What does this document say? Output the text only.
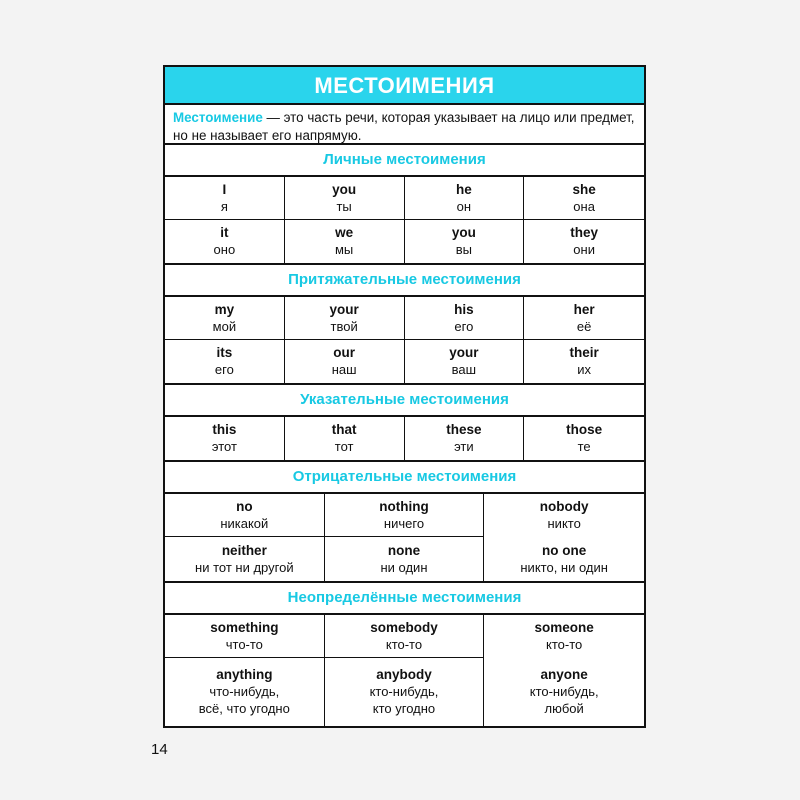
МЕСТОИМЕНИЯ
Местоимение — это часть речи, которая указывает на лицо или предмет, но не называет его напрямую.
Личные местоимения
I
я
you
ты
he
он
she
она
it
оно
we
мы
you
вы
they
они
Притяжательные местоимения
my
мой
your
твой
his
его
her
её
its
его
our
наш
your
ваш
their
их
Указательные местоимения
this
этот
that
тот
these
эти
those
те
Отрицательные местоимения
no
никакой
nothing
ничего
nobody
никто
neither
ни тот ни другой
none
ни один
no one
никто, ни один
Неопределённые местоимения
something
что-то
somebody
кто-то
someone
кто-то
anything
что-нибудь,
всё, что угодно
anybody
кто-нибудь,
кто угодно
anyone
кто-нибудь,
любой
14
